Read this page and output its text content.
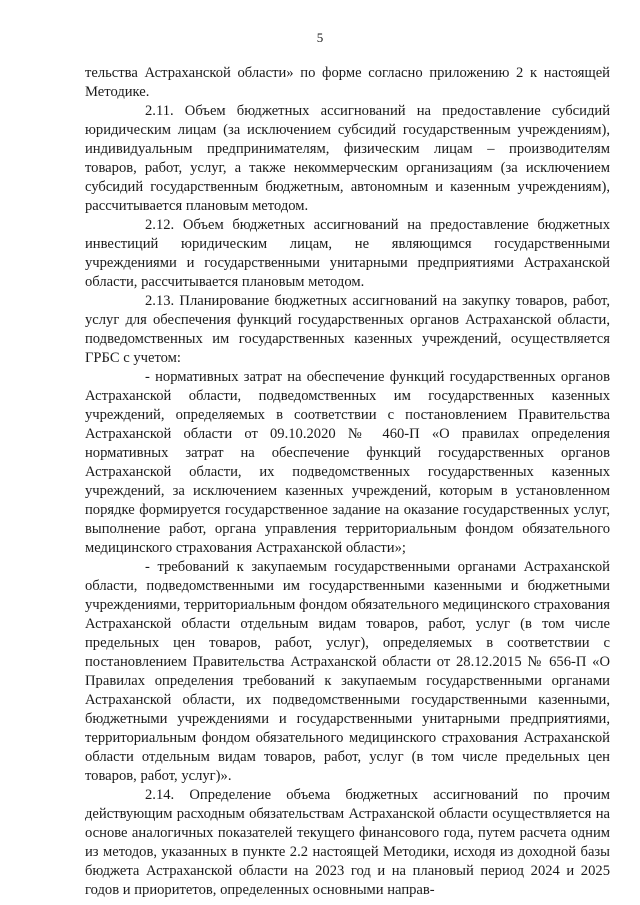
5

тельства Астраханской области» по форме согласно приложению 2 к настоящей Методике.

2.11. Объем бюджетных ассигнований на предоставление субсидий юридическим лицам (за исключением субсидий государственным учреждениям), индивидуальным предпринимателям, физическим лицам – производителям товаров, работ, услуг, а также некоммерческим организациям (за исключением субсидий государственным бюджетным, автономным и казенным учреждениям), рассчитывается плановым методом.

2.12. Объем бюджетных ассигнований на предоставление бюджетных инвестиций юридическим лицам, не являющимся государственными учреждениями и государственными унитарными предприятиями Астраханской области, рассчитывается плановым методом.

2.13. Планирование бюджетных ассигнований на закупку товаров, работ, услуг для обеспечения функций государственных органов Астраханской области, подведомственных им государственных казенных учреждений, осуществляется ГРБС с учетом:

- нормативных затрат на обеспечение функций государственных органов Астраханской области, подведомственных им государственных казенных учреждений, определяемых в соответствии с постановлением Правительства Астраханской области от 09.10.2020 № 460-П «О правилах определения нормативных затрат на обеспечение функций государственных органов Астраханской области, их подведомственных государственных казенных учреждений, за исключением казенных учреждений, которым в установленном порядке формируется государственное задание на оказание государственных услуг, выполнение работ, органа управления территориальным фондом обязательного медицинского страхования Астраханской области»;

- требований к закупаемым государственными органами Астраханской области, подведомственными им государственными казенными и бюджетными учреждениями, территориальным фондом обязательного медицинского страхования Астраханской области отдельным видам товаров, работ, услуг (в том числе предельных цен товаров, работ, услуг), определяемых в соответствии с постановлением Правительства Астраханской области от 28.12.2015 № 656-П «О Правилах определения требований к закупаемым государственными органами Астраханской области, их подведомственными государственными казенными, бюджетными учреждениями и государственными унитарными предприятиями, территориальным фондом обязательного медицинского страхования Астраханской области отдельным видам товаров, работ, услуг (в том числе предельных цен товаров, работ, услуг)».

2.14. Определение объема бюджетных ассигнований по прочим действующим расходным обязательствам Астраханской области осуществляется на основе аналогичных показателей текущего финансового года, путем расчета одним из методов, указанных в пункте 2.2 настоящей Методики, исходя из доходной базы бюджета Астраханской области на 2023 год и на плановый период 2024 и 2025 годов и приоритетов, определенных основными направ-
